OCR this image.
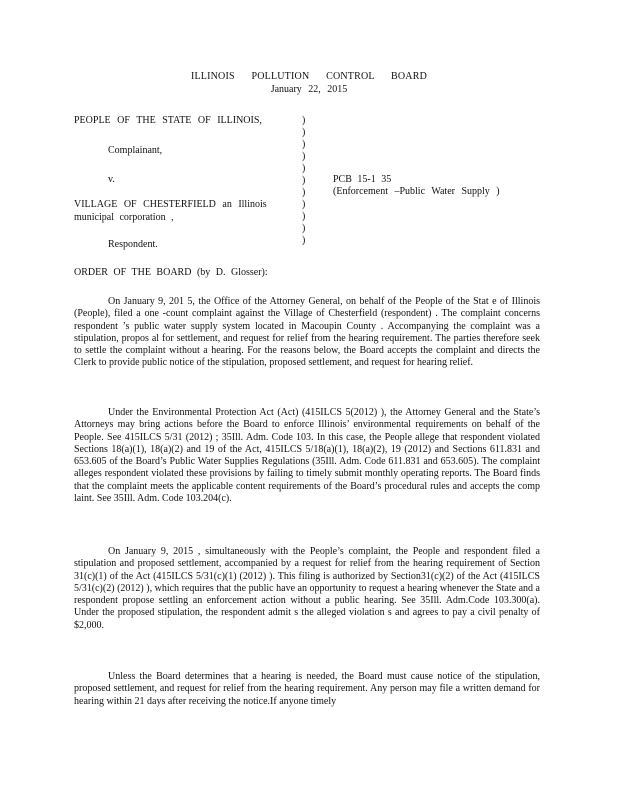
ILLINOIS POLLUTION CONTROL BOARD
January 22, 2015
PEOPLE OF THE STATE OF ILLINOIS,
Complainant,
v.
VILLAGE OF CHESTERFIELD an Illinois
municipal corporation ,
Respondent.
)
)
)
)
)
)
)
)
)
)
)
PCB 15-1 35
(Enforcement –Public Water Supply )
ORDER OF THE BOARD (by D. Glosser):
On January 9, 201 5, the Office of the Attorney General, on behalf of the People of the Stat e of Illinois (People), filed a one -count complaint against the Village of Chesterfield (respondent) . The complaint concerns respondent ’s public water supply system located in Macoupin County . Accompanying the complaint was a stipulation, propos al for settlement, and request for relief from the hearing requirement. The parties therefore seek to settle the complaint without a hearing. For the reasons below, the Board accepts the complaint and directs the Clerk to provide public notice of the stipulation, proposed settlement, and request for hearing relief.
Under the Environmental Protection Act (Act) (415ILCS 5(2012) ), the Attorney General and the State’s Attorneys may bring actions before the Board to enforce Illinois’ environmental requirements on behalf of the People. See 415ILCS 5/31 (2012) ; 35Ill. Adm. Code 103. In this case, the People allege that respondent violated Sections 18(a)(1), 18(a)(2) and 19 of the Act, 415ILCS 5/18(a)(1), 18(a)(2), 19 (2012) and Sections 611.831 and 653.605 of the Board’s Public Water Supplies Regulations (35Ill. Adm. Code 611.831 and 653.605). The complaint alleges respondent violated these provisions by failing to timely submit monthly operating reports. The Board finds that the complaint meets the applicable content requirements of the Board’s procedural rules and accepts the comp laint. See 35Ill. Adm. Code 103.204(c).
On January 9, 2015 , simultaneously with the People’s complaint, the People and respondent filed a stipulation and proposed settlement, accompanied by a request for relief from the hearing requirement of Section 31(c)(1) of the Act (415ILCS 5/31(c)(1) (2012) ). This filing is authorized by Section31(c)(2) of the Act (415ILCS 5/31(c)(2) (2012) ), which requires that the public have an opportunity to request a hearing whenever the State and a respondent propose settling an enforcement action without a public hearing. See 35Ill. Adm.Code 103.300(a). Under the proposed stipulation, the respondent admit s the alleged violation s and agrees to pay a civil penalty of $2,000.
Unless the Board determines that a hearing is needed, the Board must cause notice of the stipulation, proposed settlement, and request for relief from the hearing requirement. Any person may file a written demand for hearing within 21 days after receiving the notice.If anyone timely
